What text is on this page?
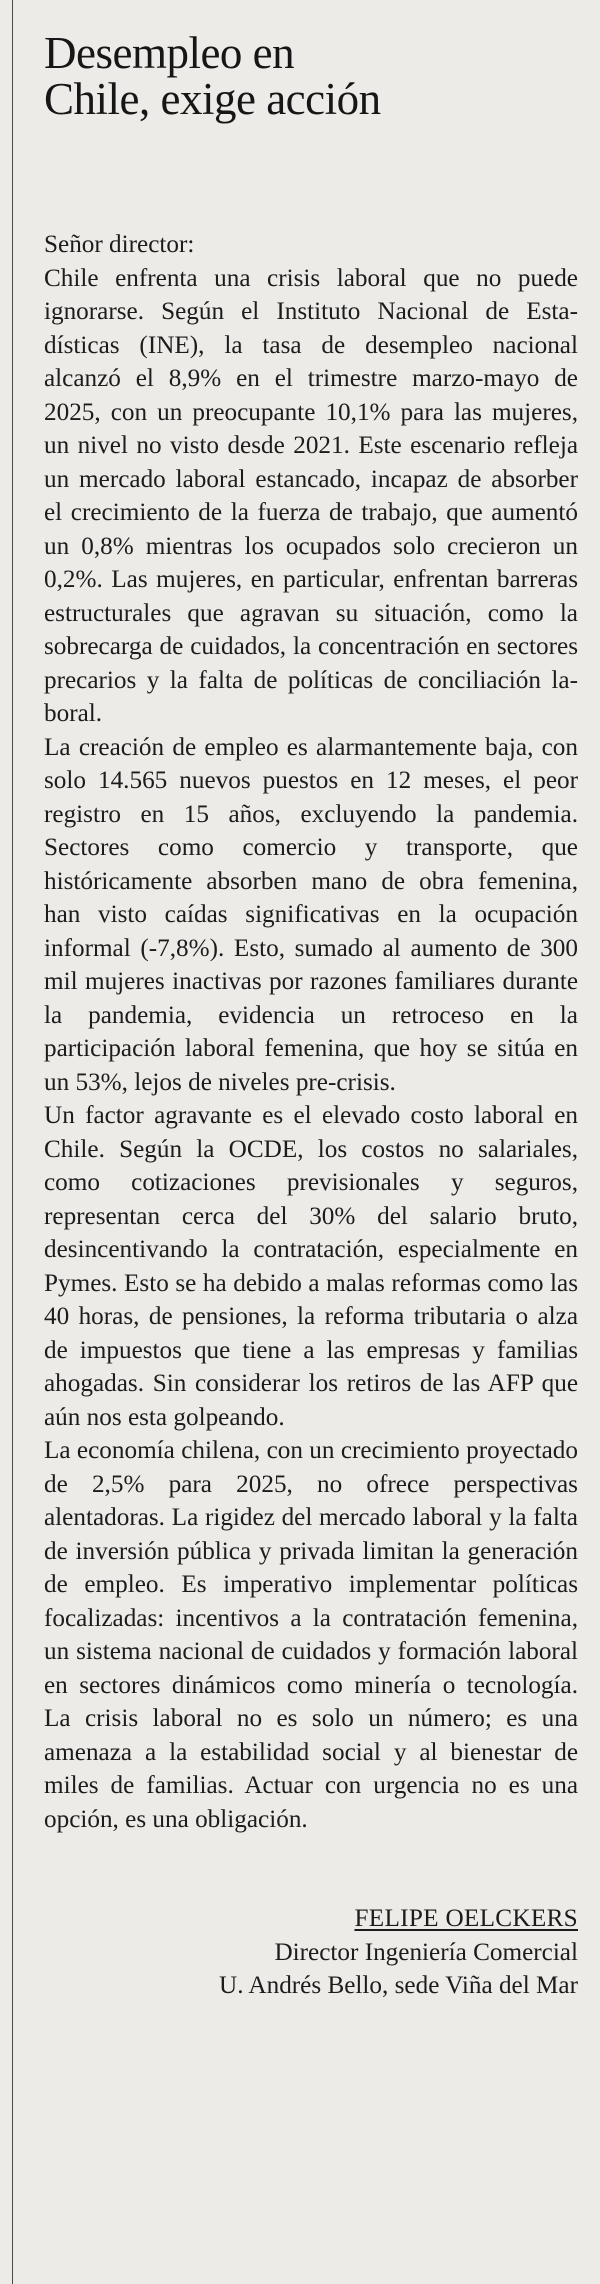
Desempleo en
Chile, exige acción

Señor director:

Chile enfrenta una crisis laboral que no puede ignorarse. Según el Instituto Nacional de Estadísticas (INE), la tasa de desempleo nacional alcanzó el 8,9% en el trimestre marzo-mayo de 2025, con un preocupante 10,1% para las mujeres, un nivel no visto desde 2021. Este escenario refleja un mercado laboral estancado, incapaz de absorber el crecimiento de la fuerza de trabajo, que aumentó un 0,8% mientras los ocupados solo crecieron un 0,2%. Las mujeres, en particular, enfrentan barreras estructurales que agravan su situación, como la sobrecarga de cuidados, la concentración en sectores precarios y la falta de políticas de conciliación laboral.

La creación de empleo es alarmantemente baja, con solo 14.565 nuevos puestos en 12 meses, el peor registro en 15 años, excluyendo la pandemia. Sectores como comercio y transporte, que históricamente absorben mano de obra femenina, han visto caídas significativas en la ocupación informal (-7,8%). Esto, sumado al aumento de 300 mil mujeres inactivas por razones familiares durante la pandemia, evidencia un retroceso en la participación laboral femenina, que hoy se sitúa en un 53%, lejos de niveles pre-crisis.

Un factor agravante es el elevado costo laboral en Chile. Según la OCDE, los costos no salariales, como cotizaciones previsionales y seguros, representan cerca del 30% del salario bruto, desincentivando la contratación, especialmente en Pymes. Esto se ha debido a malas reformas como las 40 horas, de pensiones, la reforma tributaria o alza de impuestos que tiene a las empresas y familias ahogadas. Sin considerar los retiros de las AFP que aún nos esta golpeando.

La economía chilena, con un crecimiento proyectado de 2,5% para 2025, no ofrece perspectivas alentadoras. La rigidez del mercado laboral y la falta de inversión pública y privada limitan la generación de empleo. Es imperativo implementar políticas focalizadas: incentivos a la contratación femenina, un sistema nacional de cuidados y formación laboral en sectores dinámicos como minería o tecnología. La crisis laboral no es solo un número; es una amenaza a la estabilidad social y al bienestar de miles de familias. Actuar con urgencia no es una opción, es una obligación.

FELIPE OELCKERS
Director Ingeniería Comercial
U. Andrés Bello, sede Viña del Mar
